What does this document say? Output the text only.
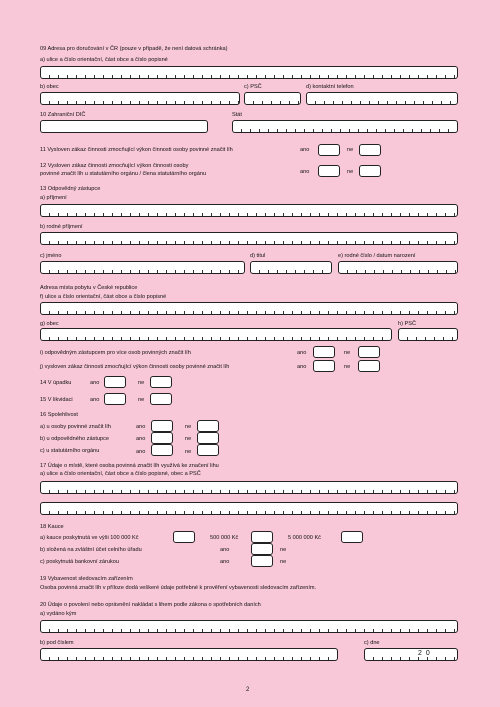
09 Adresa pro doručování v ČR (pouze v případě, že není datová schránka)
a) ulice a číslo orientační, část obce a číslo popisné
b) obec	c) PSČ	d) kontaktní telefon
10 Zahraniční DIČ	Stát
11 Vysloven zákaz činnosti zmocňující výkon činnosti osoby povinné značit líh	ano	ne
12 Vysloven zákaz činnosti zmocňující výkon činnosti osoby
povinné značit líh u statutárního orgánu / člena statutárního orgánu	ano	ne
13 Odpovědný zástupce
a) příjmení
b) rodné příjmení
c) jméno	d) titul	e) rodné číslo / datum narození
Adresa místa pobytu v České republice
f) ulice a číslo orientační, část obce a číslo popisné
g) obec	h) PSČ
i) odpovědným zástupcem pro více osob povinných značit líh	ano	ne
j) vysloven zákaz činnosti zmocňující výkon činnosti osoby povinné značit líh	ano	ne
14 V úpadku	ano	ne
15 V likvidaci	ano	ne
16 Spolehlivost
a) u osoby povinné značit líh	ano	ne
b) u odpovědného zástupce	ano	ne
c) u statutárního orgánu	ano	ne
17 Údaje o místě, které osoba povinná značit líh využívá ke značení lihu
a) ulice a číslo orientační, část obce a číslo popisné, obec a PSČ
18 Kauce
a) kauce poskytnutá ve výši 100 000 Kč	500 000 Kč	5 000 000 Kč
b) složená na zvláštní účet celního úřadu	ano	ne
c) poskytnutá bankovní zárukou	ano	ne
19 Vybavenost sledovacím zařízením
Osoba povinná značit líh v příloze dodá veškeré údaje potřebné k prověření vybavenosti sledovacím zařízením.
20 Údaje o povolení nebo oprávnění nakládat s lihem podle zákona o spotřebních daních
a) vydáno kým
b) pod číslem	c) dne
2 0
2
